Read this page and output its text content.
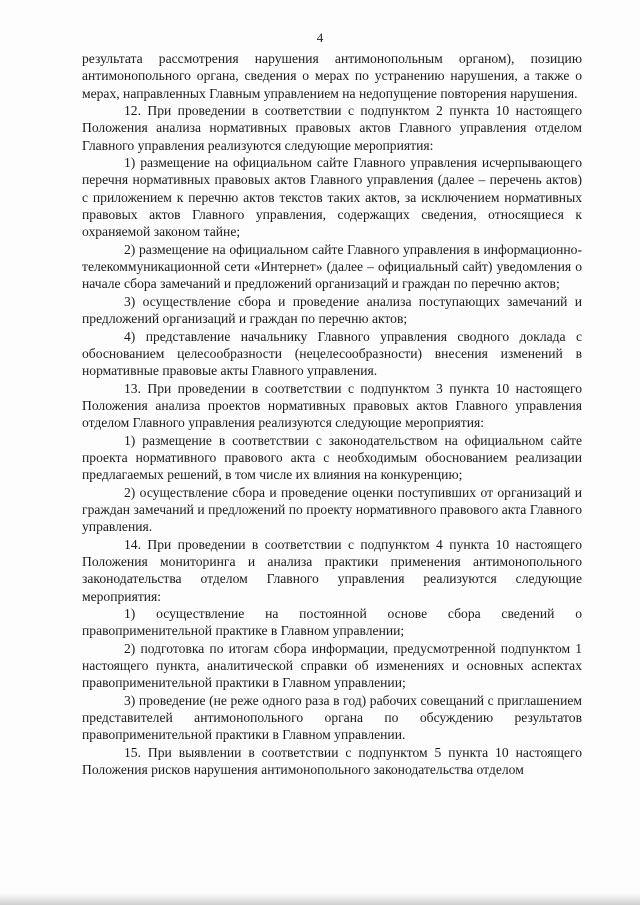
4

результата рассмотрения нарушения антимонопольным органом), позицию антимонопольного органа, сведения о мерах по устранению нарушения, а также о мерах, направленных Главным управлением на недопущение повторения нарушения.

12. При проведении в соответствии с подпунктом 2 пункта 10 настоящего Положения анализа нормативных правовых актов Главного управления отделом Главного управления реализуются следующие мероприятия:

1) размещение на официальном сайте Главного управления исчерпывающего перечня нормативных правовых актов Главного управления (далее – перечень актов) с приложением к перечню актов текстов таких актов, за исключением нормативных правовых актов Главного управления, содержащих сведения, относящиеся к охраняемой законом тайне;

2) размещение на официальном сайте Главного управления в информационно-телекоммуникационной сети «Интернет» (далее – официальный сайт) уведомления о начале сбора замечаний и предложений организаций и граждан по перечню актов;

3) осуществление сбора и проведение анализа поступающих замечаний и предложений организаций и граждан по перечню актов;

4) представление начальнику Главного управления сводного доклада с обоснованием целесообразности (нецелесообразности) внесения изменений в нормативные правовые акты Главного управления.

13. При проведении в соответствии с подпунктом 3 пункта 10 настоящего Положения анализа проектов нормативных правовых актов Главного управления отделом Главного управления реализуются следующие мероприятия:

1) размещение в соответствии с законодательством на официальном сайте проекта нормативного правового акта с необходимым обоснованием реализации предлагаемых решений, в том числе их влияния на конкуренцию;

2) осуществление сбора и проведение оценки поступивших от организаций и граждан замечаний и предложений по проекту нормативного правового акта Главного управления.

14. При проведении в соответствии с подпунктом 4 пункта 10 настоящего Положения мониторинга и анализа практики применения антимонопольного законодательства отделом Главного управления реализуются следующие мероприятия:

1) осуществление на постоянной основе сбора сведений о правоприменительной практике в Главном управлении;

2) подготовка по итогам сбора информации, предусмотренной подпунктом 1 настоящего пункта, аналитической справки об изменениях и основных аспектах правоприменительной практики в Главном управлении;

3) проведение (не реже одного раза в год) рабочих совещаний с приглашением представителей антимонопольного органа по обсуждению результатов правоприменительной практики в Главном управлении.

15. При выявлении в соответствии с подпунктом 5 пункта 10 настоящего Положения рисков нарушения антимонопольного законодательства отделом
